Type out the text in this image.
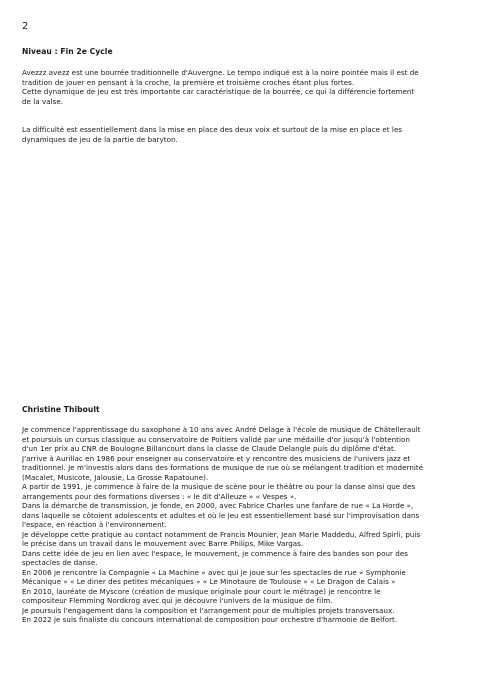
2
Niveau : Fin 2e Cycle

Avezzz avezz est une bourrée traditionnelle d'Auvergne. Le tempo indiqué est à la noire pointée mais il est de
tradition de jouer en pensant à la croche, la première et troisième croches étant plus fortes.
Cette dynamique de jeu est très importante car caractéristique de la bourrée, ce qui la différencie fortement
de la valse.

La difficulté est essentiellement dans la mise en place des deux voix et surtout de la mise en place et les
dynamiques de jeu de la partie de baryton.

Christine Thiboult

Je commence l'apprentissage du saxophone à 10 ans avec André Delage à l'école de musique de Châtellerault
et poursuis un cursus classique au conservatoire de Poitiers validé par une médaille d'or jusqu'à l'obtention
d'un 1er prix au CNR de Boulogne Billancourt dans la classe de Claude Delangle puis du diplôme d'état.
J'arrive à Aurillac en 1986 pour enseigner au conservatoire et y rencontre des musiciens de l'univers jazz et
traditionnel. Je m'investis alors dans des formations de musique de rue où se mélangent tradition et modernité
(Macalet, Musicote, Jalousie, La Grosse Rapatoune).
A partir de 1991, je commence à faire de la musique de scène pour le théâtre ou pour la danse ainsi que des
arrangements pour des formations diverses : « le dit d'Alleuze » « Vespes ».
Dans la démarche de transmission, je fonde, en 2000, avec Fabrice Charles une fanfare de rue « La Horde »,
dans laquelle se côtoient adolescents et adultes et où le jeu est essentiellement basé sur l'improvisation dans
l'espace, en réaction à l'environnement.
Je développe cette pratique au contact notamment de Francis Mounier, Jean Marie Maddedu, Alfred Spirli, puis
le précise dans un travail dans le mouvement avec Barre Philips, Mike Vargas.
Dans cette idée de jeu en lien avec l'espace, le mouvement, je commence à faire des bandes son pour des
spectacles de danse.
En 2006 je rencontre la Compagnie « La Machine » avec qui je joue sur les spectacles de rue « Symphonie
Mécanique » « Le diner des petites mécaniques » « Le Minotaure de Toulouse » « Le Dragon de Calais »
En 2010, lauréate de Myscore (création de musique originale pour court le métrage) je rencontre le
compositeur Flemming Nordkrog avec qui je découvre l'univers de la musique de film.
Je poursuis l'engagement dans la composition et l'arrangement pour de multiples projets transversaux.
En 2022 je suis finaliste du concours international de composition pour orchestre d'harmonie de Belfort.
